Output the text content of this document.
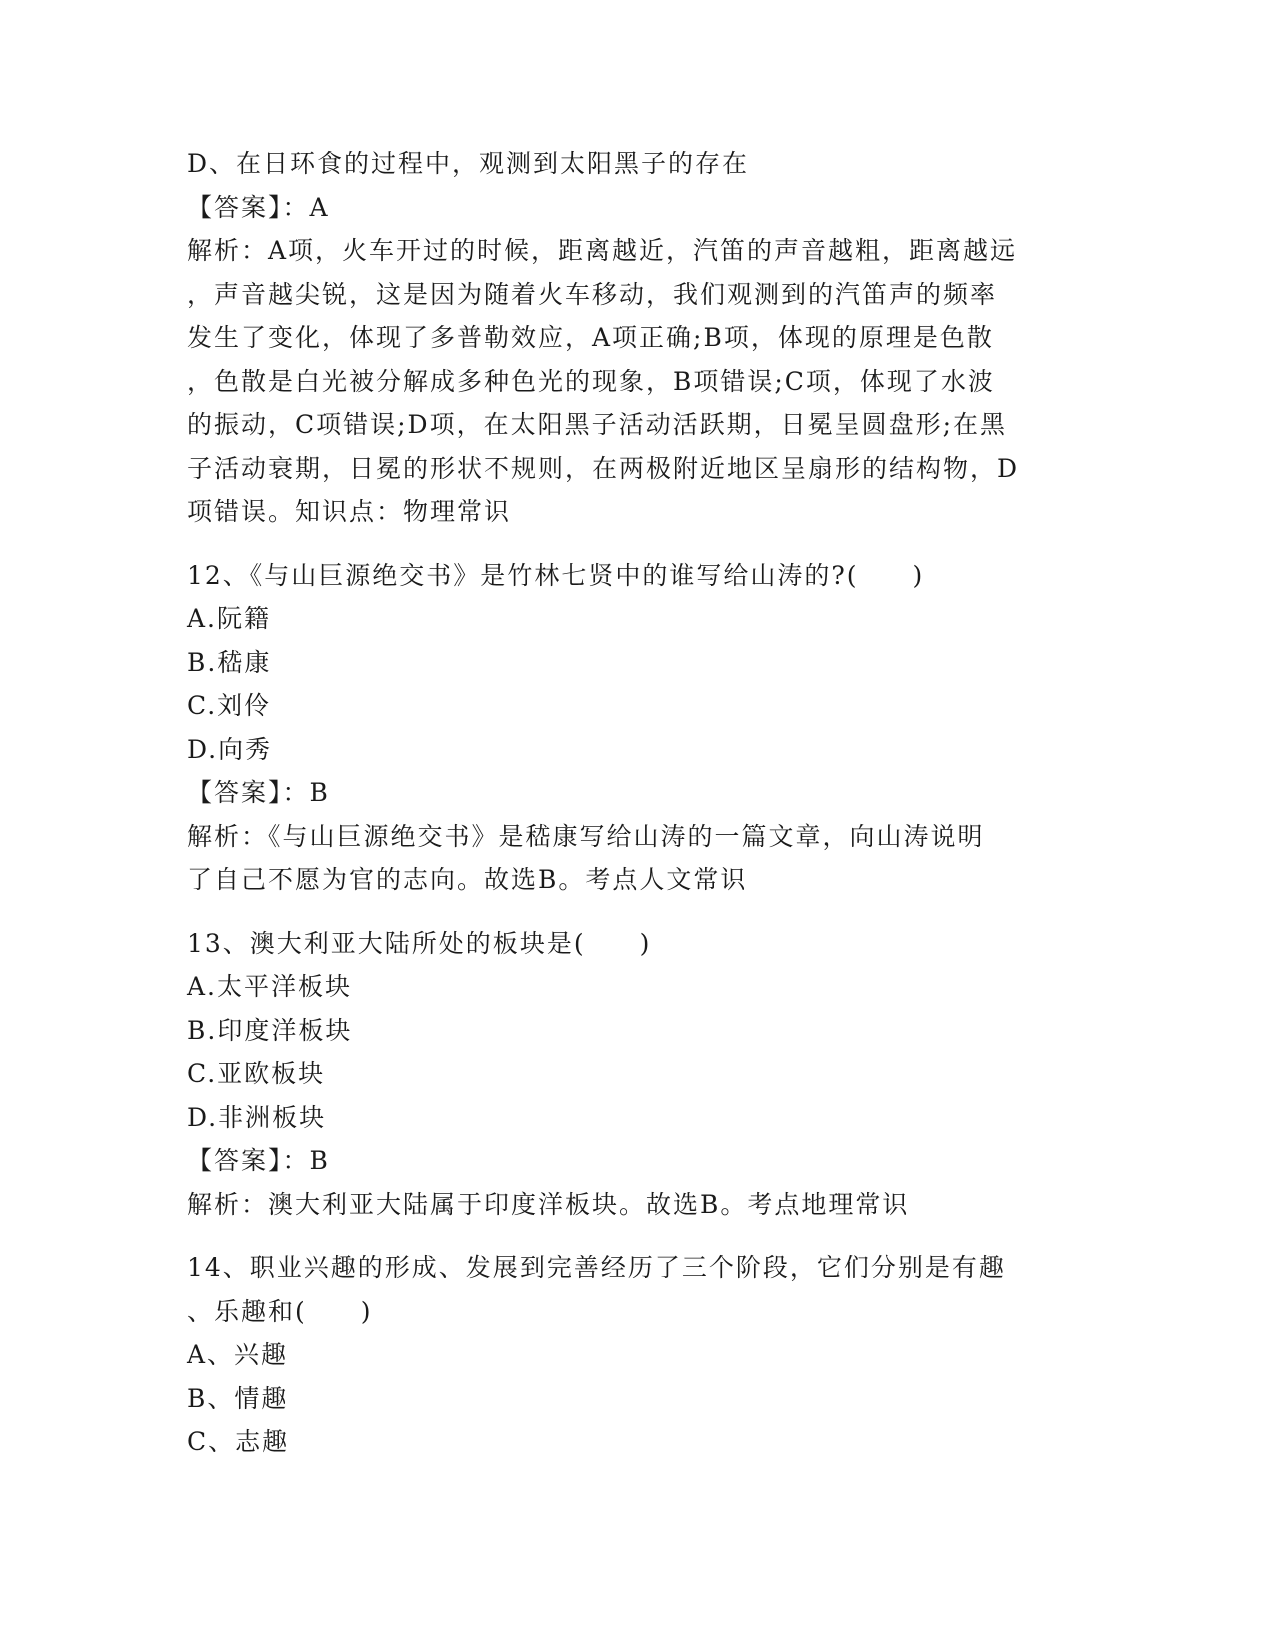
D、在日环食的过程中，观测到太阳黑子的存在
【答案】：A
解析：A项，火车开过的时候，距离越近，汽笛的声音越粗，距离越远
，声音越尖锐，这是因为随着火车移动，我们观测到的汽笛声的频率
发生了变化，体现了多普勒效应，A项正确;B项，体现的原理是色散
，色散是白光被分解成多种色光的现象，B项错误;C项，体现了水波
的振动，C项错误;D项，在太阳黑子活动活跃期，日冕呈圆盘形;在黑
子活动衰期，日冕的形状不规则，在两极附近地区呈扇形的结构物，D
项错误。知识点：物理常识
12、《与山巨源绝交书》是竹林七贤中的谁写给山涛的?(　　)
A.阮籍
B.嵇康
C.刘伶
D.向秀
【答案】：B
解析：《与山巨源绝交书》是嵇康写给山涛的一篇文章，向山涛说明
了自己不愿为官的志向。故选B。考点人文常识
13、澳大利亚大陆所处的板块是(　　)
A.太平洋板块
B.印度洋板块
C.亚欧板块
D.非洲板块
【答案】：B
解析：澳大利亚大陆属于印度洋板块。故选B。考点地理常识
14、职业兴趣的形成、发展到完善经历了三个阶段，它们分别是有趣
、乐趣和(　　)
A、兴趣
B、情趣
C、志趣
